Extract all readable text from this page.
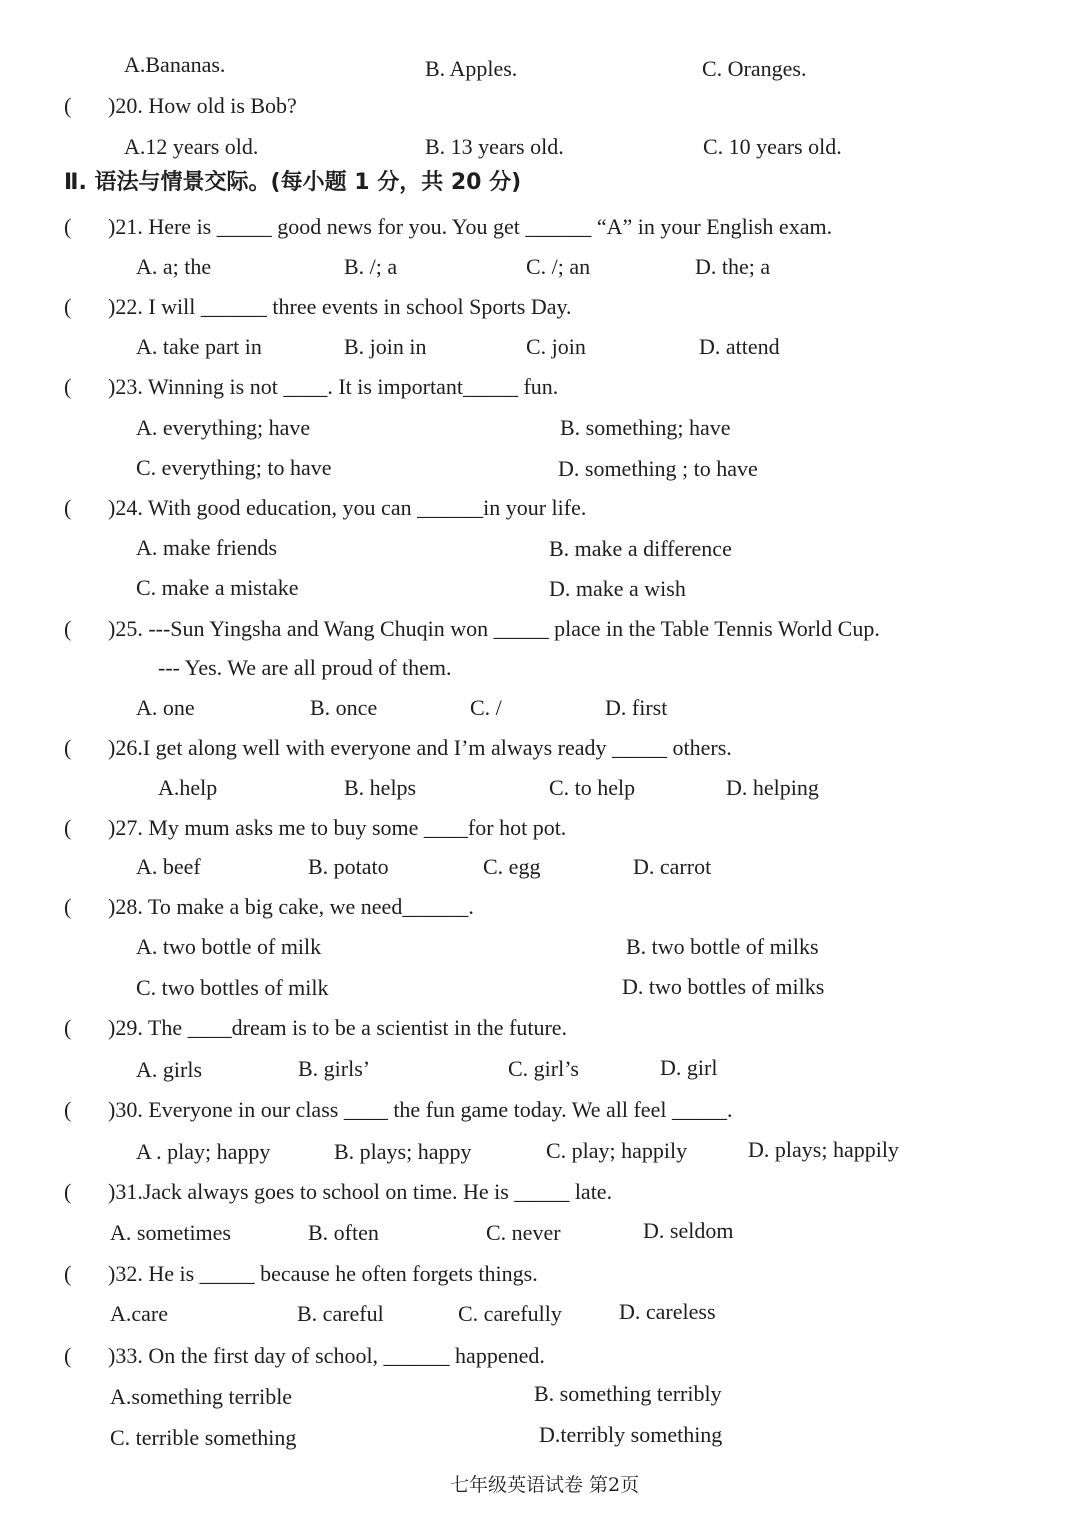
A.Bananas.	B. Apples.	C. Oranges.
( )20. How old is Bob?
A.12 years old.	B. 13 years old.	C. 10 years old.
Ⅱ. 语法与情景交际。(每小题 1 分，共 20 分)
( )21. Here is _____ good news for you. You get ______ “A” in your English exam.
A. a; the	B. /; a	C. /; an	D. the; a
( )22. I will ______ three events in school Sports Day.
A. take part in	B. join in	C. join	D. attend
( )23. Winning is not ____. It is important_____ fun.
A. everything; have	B. something; have
C. everything; to have	D. something ; to have
( )24. With good education, you can ______in your life.
A. make friends	B. make a difference
C. make a mistake	D. make a wish
( )25. ---Sun Yingsha and Wang Chuqin won _____ place in the Table Tennis World Cup.
--- Yes. We are all proud of them.
A. one	B. once	C. /	D. first
( )26.I get along well with everyone and I’m always ready _____ others.
A.help	B. helps	C. to help	D. helping
( )27. My mum asks me to buy some ____for hot pot.
A. beef	B. potato	C. egg	D. carrot
( )28. To make a big cake, we need______.
A. two bottle of milk	B. two bottle of milks
C. two bottles of milk	D. two bottles of milks
( )29. The ____dream is to be a scientist in the future.
A. girls	B. girls’	C. girl’s	D. girl
( )30. Everyone in our class ____ the fun game today. We all feel _____.
A . play; happy	B. plays; happy	C. play; happily	D. plays; happily
( )31.Jack always goes to school on time. He is _____ late.
A. sometimes	B. often	C. never	D. seldom
( )32. He is _____ because he often forgets things.
A.care	B. careful	C. carefully	D. careless
( )33. On the first day of school, ______ happened.
A.something terrible	B. something terribly
C. terrible something	D.terribly something
七年级英语试卷 第2页
